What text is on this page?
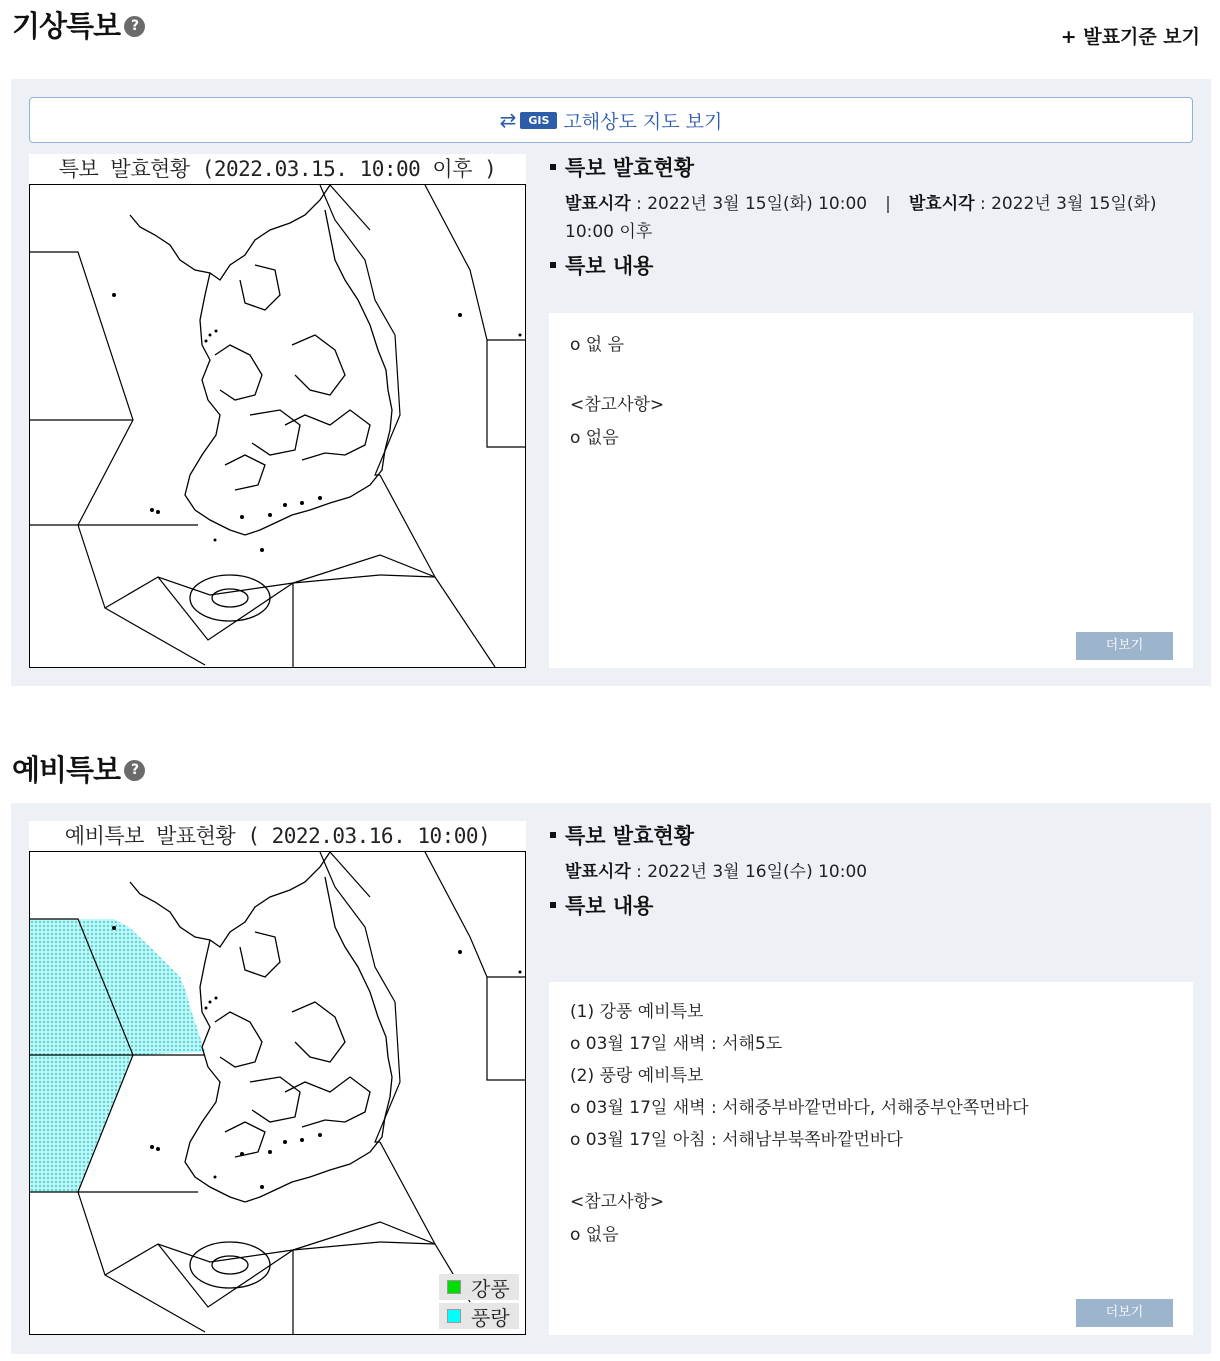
기상특보 ?
+ 발표기준 보기
⇄	GIS 고해상도 지도 보기
특보 발효현황 (2022.03.15. 10:00 이후 )	특보 발효현황
발표시각 : 2022년 3월 15일(화) 10:00 | 발효시각 : 2022년 3월 15일(화) 10:00 이후
특보 내용
o 없 음
<참고사항>
o 없음
더보기
예비특보 ?
예비특보 발표현황 ( 2022.03.16. 10:00)
강풍
풍랑
특보 발효현황
발표시각 : 2022년 3월 16일(수) 10:00
특보 내용
(1) 강풍 예비특보
o 03월 17일 새벽 : 서해5도
(2) 풍랑 예비특보
o 03월 17일 새벽 : 서해중부바깥먼바다, 서해중부안쪽먼바다
o 03월 17일 아침 : 서해남부북쪽바깥먼바다
<참고사항>
o 없음
더보기
